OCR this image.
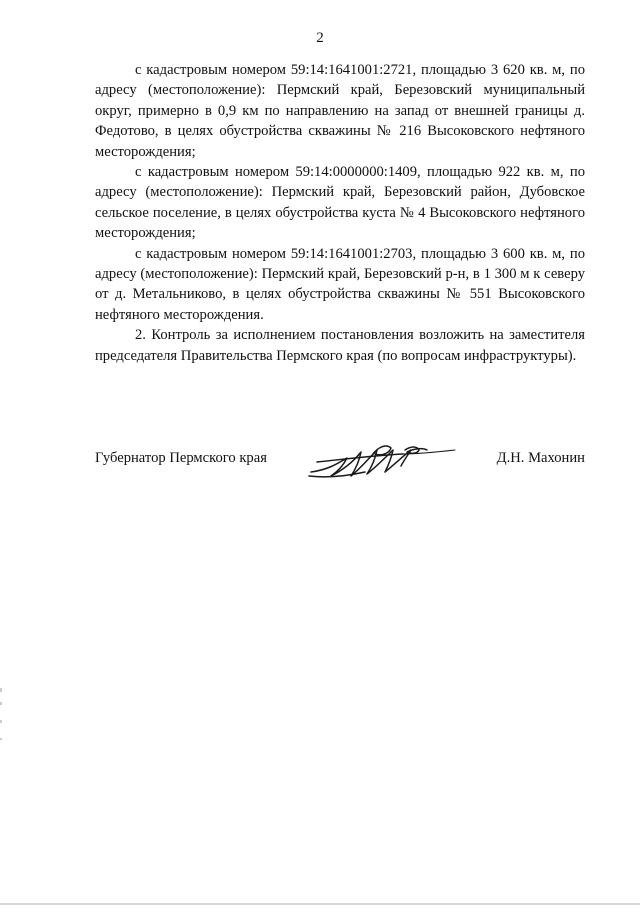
2

с кадастровым номером 59:14:1641001:2721, площадью 3 620 кв. м, по адресу (местоположение): Пермский край, Березовский муниципальный округ, примерно в 0,9 км по направлению на запад от внешней границы д. Федотово, в целях обустройства скважины № 216 Высоковского нефтяного месторождения;

с кадастровым номером 59:14:0000000:1409, площадью 922 кв. м, по адресу (местоположение): Пермский край, Березовский район, Дубовское сельское поселение, в целях обустройства куста № 4 Высоковского нефтяного месторождения;

с кадастровым номером 59:14:1641001:2703, площадью 3 600 кв. м, по адресу (местоположение): Пермский край, Березовский р-н, в 1 300 м к северу от д. Метальниково, в целях обустройства скважины № 551 Высоковского нефтяного месторождения.

2. Контроль за исполнением постановления возложить на заместителя председателя Правительства Пермского края (по вопросам инфраструктуры).

Губернатор Пермского края	Д.Н. Махонин
